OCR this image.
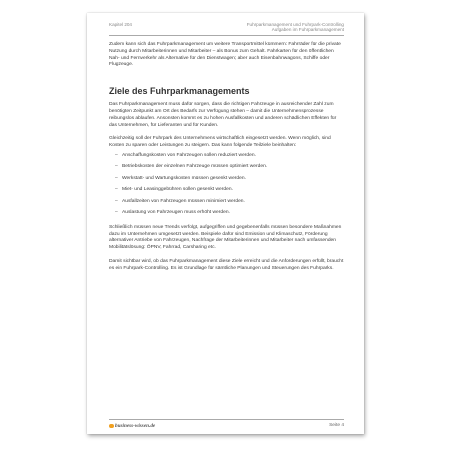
Kapitel 204	Fuhrparkmanagement und Fuhrpark-Controlling
Aufgaben im Fuhrparkmanagement

Zudem kann sich das Fuhrparkmanagement um weitere Transportmittel kümmern: Fahrräder für die private Nutzung durch Mitarbeiterinnen und Mitarbeiter – als Bonus zum Gehalt. Fahrkarten für den öffentlichen Nah- und Fernverkehr als Alternative für den Dienstwagen; aber auch Eisenbahnwagons, Schiffe oder Flugzeuge.

Ziele des Fuhrparkmanagements

Das Fuhrparkmanagement muss dafür sorgen, dass die richtigen Fahrzeuge in ausreichender Zahl zum benötigten Zeitpunkt am Ort des Bedarfs zur Verfügung stehen – damit die Unternehmensprozesse reibungslos ablaufen. Ansonsten kommt es zu hohen Ausfallkosten und anderen schädlichen Effekten für das Unternehmen, für Lieferanten und für Kunden.

Gleichzeitig soll der Fuhrpark des Unternehmens wirtschaftlich eingesetzt werden. Wenn möglich, sind Kosten zu sparen oder Leistungen zu steigern. Das kann folgende Teilziele beinhalten:

– Anschaffungskosten von Fahrzeugen sollen reduziert werden.
– Betriebskosten der einzelnen Fahrzeuge müssen optimiert werden.
– Werkstatt- und Wartungskosten müssen gesenkt werden.
– Miet- und Leasinggebühren sollen gesenkt werden.
– Ausfallzeiten von Fahrzeugen müssen minimiert werden.
– Auslastung von Fahrzeugen muss erhöht werden.

Schließlich müssen neue Trends verfolgt, aufgegriffen und gegebenenfalls müssen besondere Maßnahmen dazu im Unternehmen umgesetzt werden. Beispiele dafür sind Emission und Klimaschutz, Förderung alternativer Antriebe von Fahrzeugen, Nachfrage der Mitarbeiterinnen und Mitarbeiter nach umfassenden Mobilitätslösung: ÖPNV, Fahrrad, Carsharing etc.

Damit sichtbar wird, ob das Fuhrparkmanagement diese Ziele erreicht und die Anforderungen erfüllt, braucht es ein Fuhrpark-Controlling. Es ist Grundlage für sämtliche Planungen und Steuerungen des Fuhrparks.

business-wissen.de	Seite 4
